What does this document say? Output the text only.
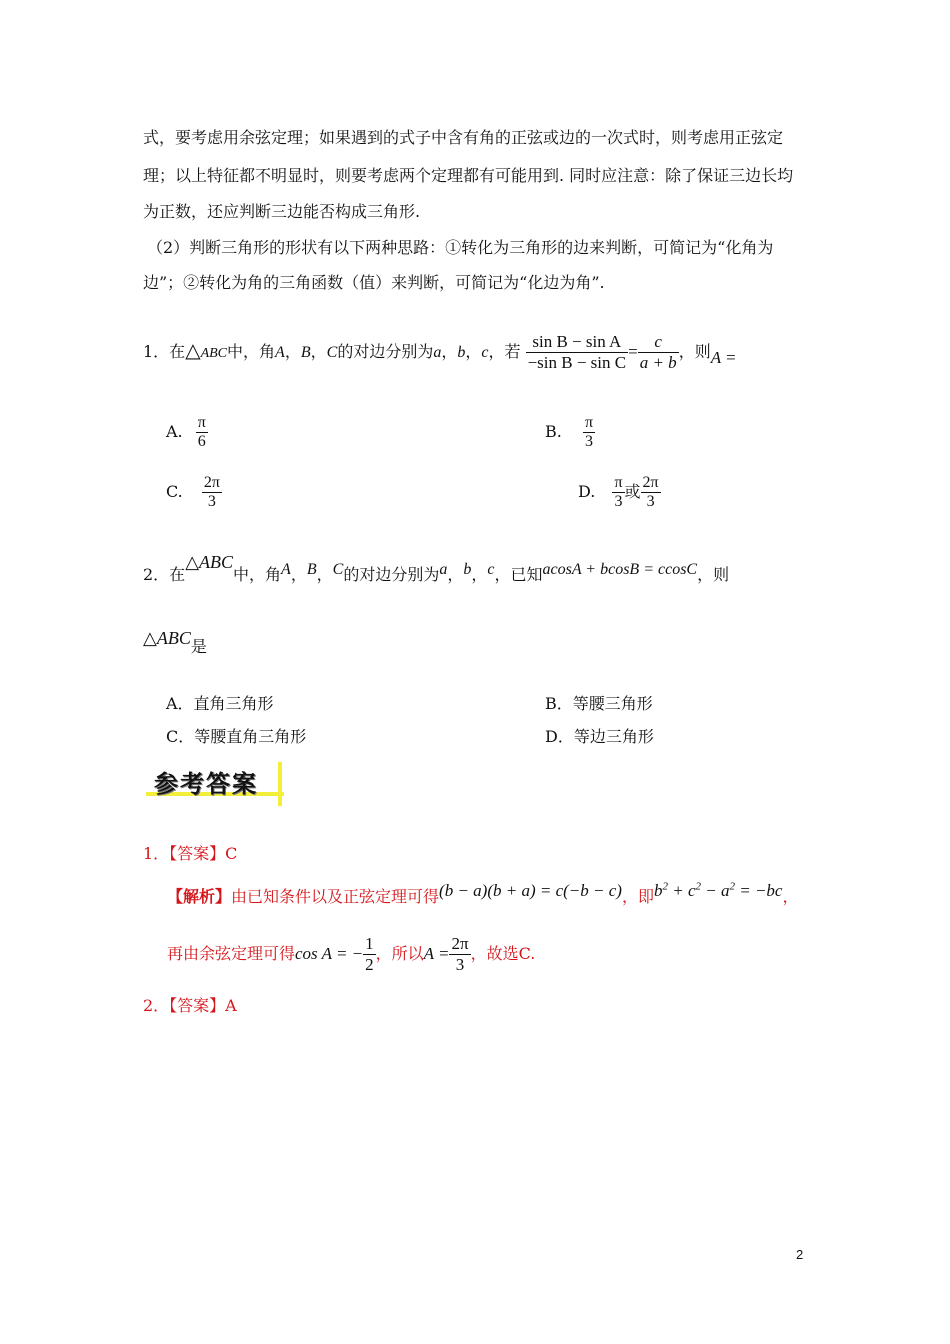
式，要考虑用余弦定理；如果遇到的式子中含有角的正弦或边的一次式时，则考虑用正弦定
理；以上特征都不明显时，则要考虑两个定理都有可能用到. 同时应注意：除了保证三边长均
为正数，还应判断三边能否构成三角形.
（2）判断三角形的形状有以下两种思路：①转化为三角形的边来判断，可简记为“化角为
边”；②转化为角的三角函数（值）来判断，可简记为“化边为角”.
1．在△ABC中，角A，B，C的对边分别为a，b，c，若 $\frac{\text{sin B − sin A}}{\text{−sin B − sin C}} = \frac{c}{a + b}$ ，则A =
A. $\frac{\pi}{6}$	B. $\frac{\pi}{3}$
C. $\frac{2\pi}{3}$	D. $\frac{\pi}{3}$ 或 $\frac{2\pi}{3}$
2．在△ABC中，角A，B，C的对边分别为a，b，c，已知acosA + bcosB = ccosC，则
△ABC是
A．直角三角形	B．等腰三角形
C．等腰直角三角形	D．等边三角形
参考答案
1．【答案】C
【解析】由已知条件以及正弦定理可得(b − a)(b + a) = c(−b − c)，即$b^2 + c^2 - a^2 = -bc$，
再由余弦定理可得cos A = − $\frac{1}{2}$ ，所以$A = \frac{2\pi}{3}$ ，故选C.
2．【答案】A
2
